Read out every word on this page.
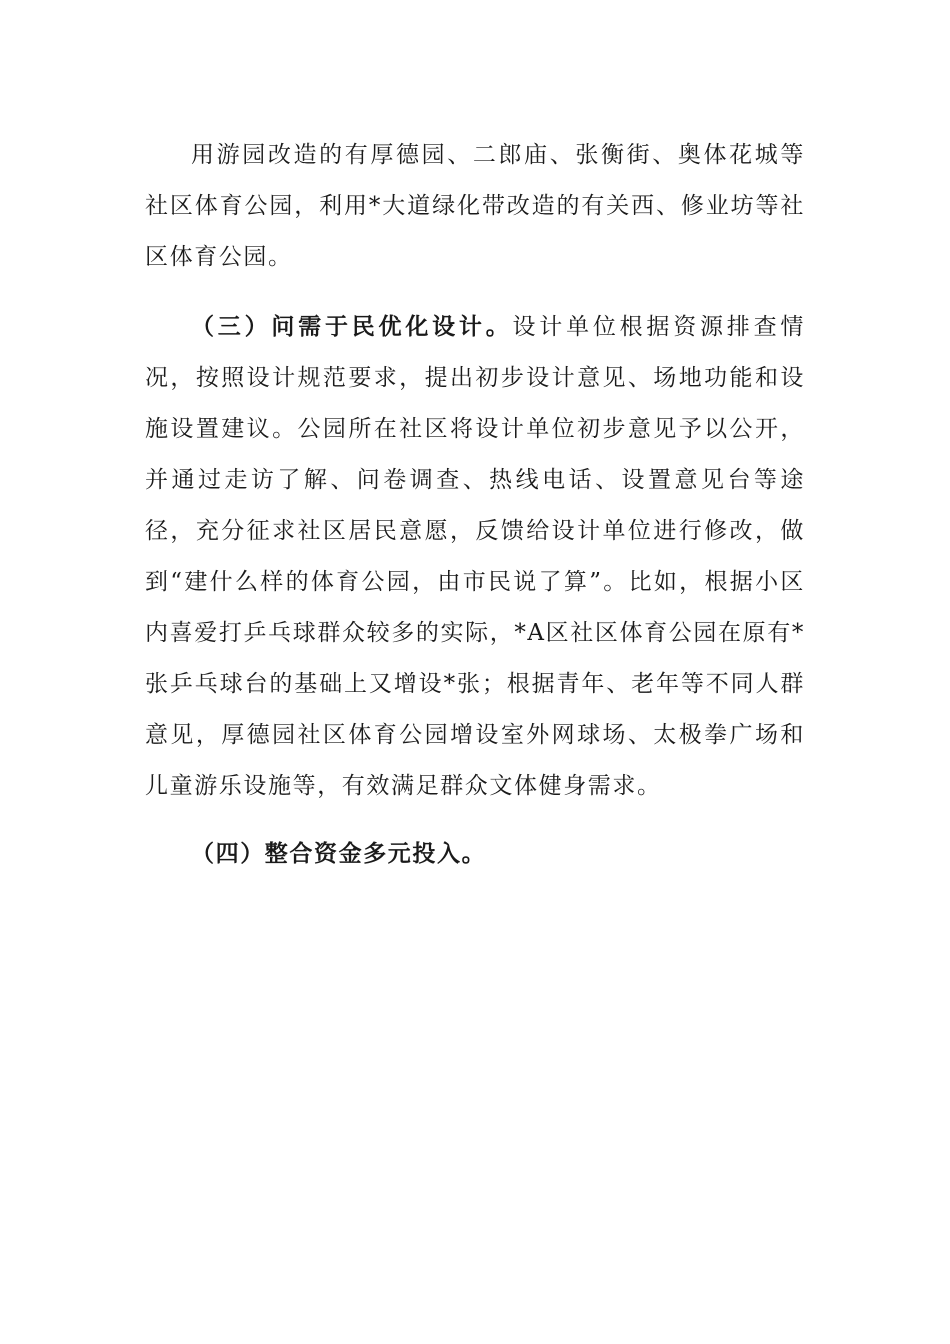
用游园改造的有厚德园、二郎庙、张衡街、奥体花城等社区体育公园，利用*大道绿化带改造的有关西、修业坊等社区体育公园。

（三）问需于民优化设计。设计单位根据资源排查情况，按照设计规范要求，提出初步设计意见、场地功能和设施设置建议。公园所在社区将设计单位初步意见予以公开，并通过走访了解、问卷调查、热线电话、设置意见台等途径，充分征求社区居民意愿，反馈给设计单位进行修改，做到“建什么样的体育公园，由市民说了算”。比如，根据小区内喜爱打乒乓球群众较多的实际，*A区社区体育公园在原有*张乒乓球台的基础上又增设*张；根据青年、老年等不同人群意见，厚德园社区体育公园增设室外网球场、太极拳广场和儿童游乐设施等，有效满足群众文体健身需求。

（四）整合资金多元投入。
